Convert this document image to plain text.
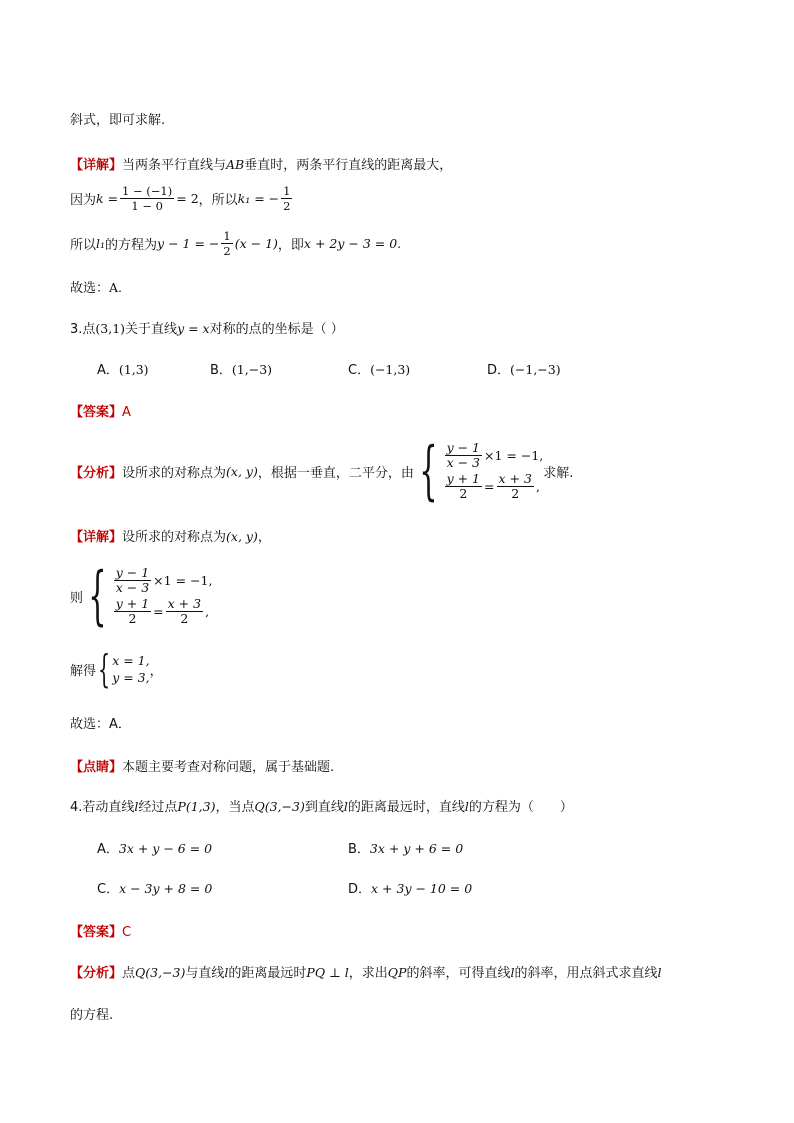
斜式，即可求解.
【详解】当两条平行直线与AB垂直时，两条平行直线的距离最大，
因为 $k = \frac{1 - (-1)}{1 - 0} = 2$ ，所以 k₁ = − $\frac{1}{2}$
所以 l₁ 的方程为 y − 1 = − $\frac{1}{2} (x - 1)$ ，即 x + 2y − 3 = 0.
故选：A.
3.点(3,1)关于直线y = x对称的点的坐标是（ ）
A．(1,3)	B．(1,−3)	C．(−1,3)	D．(−1,−3)
【答案】A
【分析】 设所求的对称点为 (x, y) ，根据一垂直，二平分，由 { $\frac{y - 1}{x - 3} \times 1 = -1$,
$\frac{y + 1}{2} = \frac{x + 3}{2}$ ,
求解.
【详解】设所求的对称点为(x, y)，
则 { $\frac{y - 1}{x - 3} \times 1 = -1$,
$\frac{y + 1}{2} = \frac{x + 3}{2}$ ,
解得 { x = 1,
y = 3, ，
故选：A．
【点睛】本题主要考查对称问题，属于基础题.
4.若动直线l经过点P(1,3)，当点Q(3,−3)到直线l的距离最远时，直线l的方程为（　　）
A．3x + y − 6 = 0	B．3x + y + 6 = 0
C．x − 3y + 8 = 0	D．x + 3y − 10 = 0
【答案】C
【分析】点Q(3,−3)与直线l的距离最远时PQ ⊥ l，求出QP的斜率，可得直线l的斜率，用点斜式求直线l
的方程.
